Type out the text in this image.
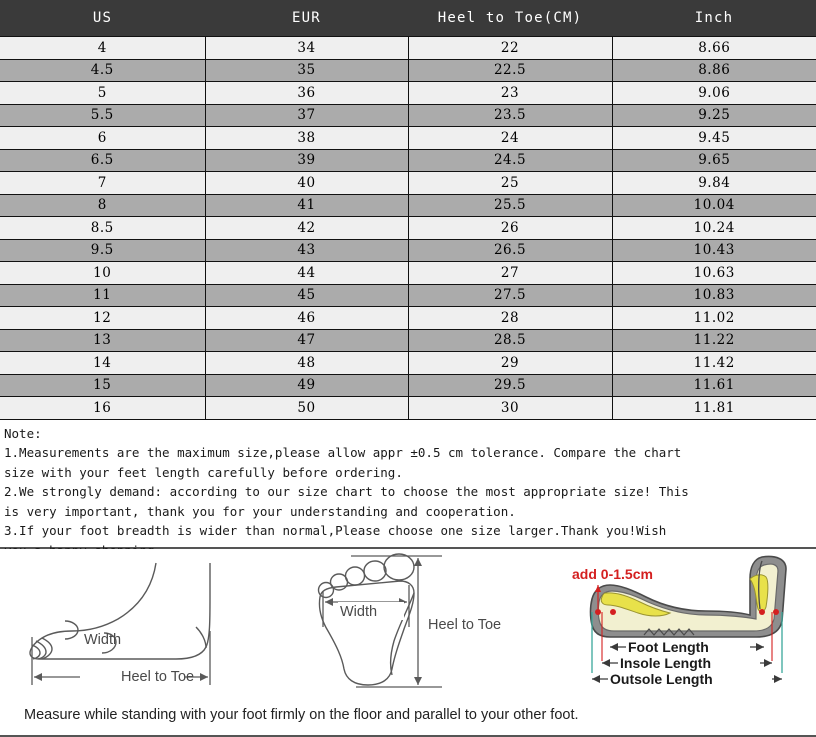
US	EUR	Heel to Toe(CM)	Inch
4	34	22	8.66
4.5	35	22.5	8.86
5	36	23	9.06
5.5	37	23.5	9.25
6	38	24	9.45
6.5	39	24.5	9.65
7	40	25	9.84
8	41	25.5	10.04
8.5	42	26	10.24
9.5	43	26.5	10.43
10	44	27	10.63
11	45	27.5	10.83
12	46	28	11.02
13	47	28.5	11.22
14	48	29	11.42
15	49	29.5	11.61
16	50	30	11.81
Note:
1.Measurements are the maximum size,please allow appr ±0.5 cm tolerance. Compare the chart
size with your feet length carefully before ordering.
2.We strongly demand: according to our size chart to choose the most appropriate size! This
is very important, thank you for your understanding and cooperation.
3.If your foot breadth is wider than normal,Please choose one size larger.Thank you!Wish
Heel to Toe
Width
Width
Heel to Toe
add 0-1.5cm
Foot Length
Insole Length
Outsole Length
Measure while standing with your foot firmly on the floor and parallel to your other foot.
